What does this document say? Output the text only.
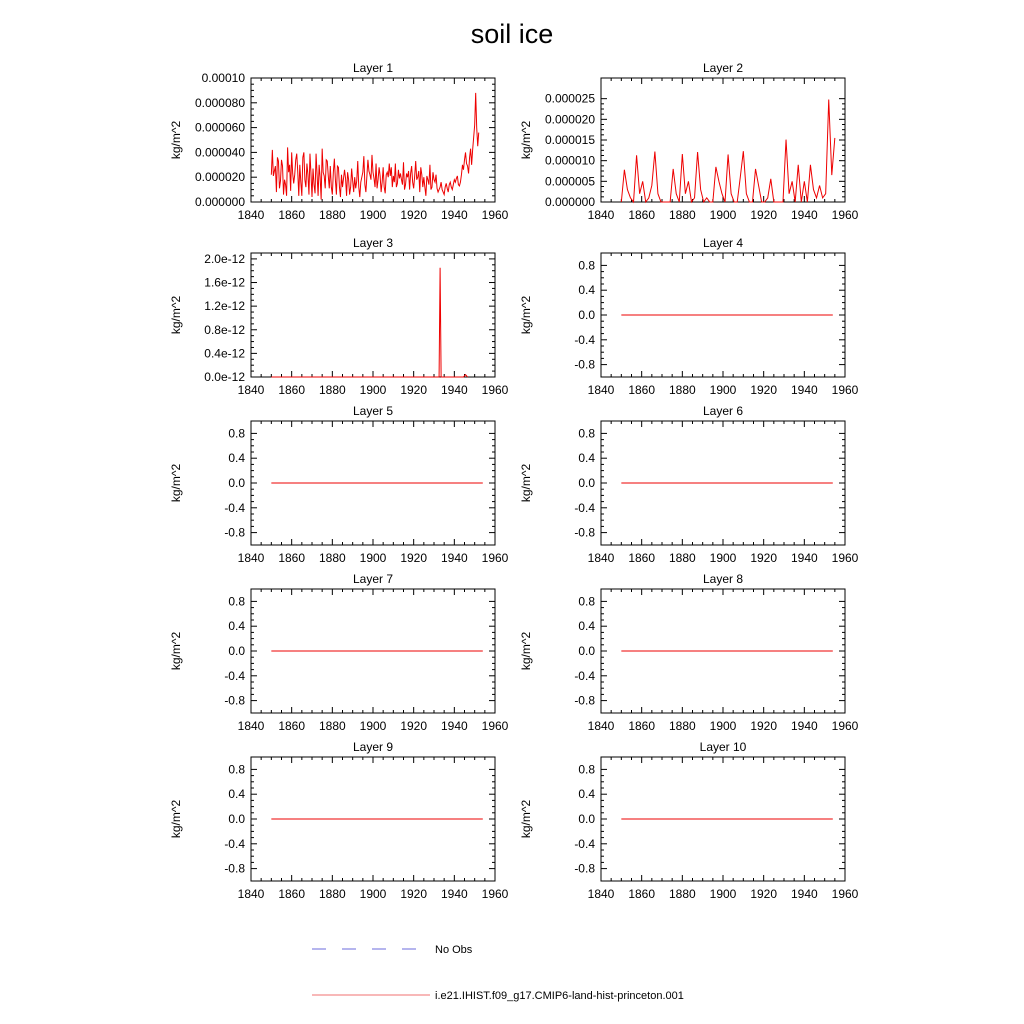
soil ice
Layer 1
kg/m^2
1840 1860 1880 1900 1920 1940 1960
0.000000
0.000020
0.000040
0.000060
0.000080
0.00010
Layer 2
kg/m^2
1840 1860 1880 1900 1920 1940 1960
0.000000
0.000005
0.000010
0.000015
0.000020
0.000025
Layer 3
kg/m^2
1840 1860 1880 1900 1920 1940 1960
0.0e-12
0.4e-12
0.8e-12
1.2e-12
1.6e-12
2.0e-12
Layer 4
kg/m^2
1840 1860 1880 1900 1920 1940 1960
-0.8
-0.4
0.0
0.4
0.8
Layer 5
kg/m^2
1840 1860 1880 1900 1920 1940 1960
-0.8
-0.4
0.0
0.4
0.8
Layer 6
kg/m^2
1840 1860 1880 1900 1920 1940 1960
-0.8
-0.4
0.0
0.4
0.8
Layer 7
kg/m^2
1840 1860 1880 1900 1920 1940 1960
-0.8
-0.4
0.0
0.4
0.8
Layer 8
kg/m^2
1840 1860 1880 1900 1920 1940 1960
-0.8
-0.4
0.0
0.4
0.8
Layer 9
kg/m^2
1840 1860 1880 1900 1920 1940 1960
-0.8
-0.4
0.0
0.4
0.8
Layer 10
kg/m^2
1840 1860 1880 1900 1920 1940 1960
-0.8
-0.4
0.0
0.4
0.8
No Obs
i.e21.IHIST.f09_g17.CMIP6-land-hist-princeton.001
